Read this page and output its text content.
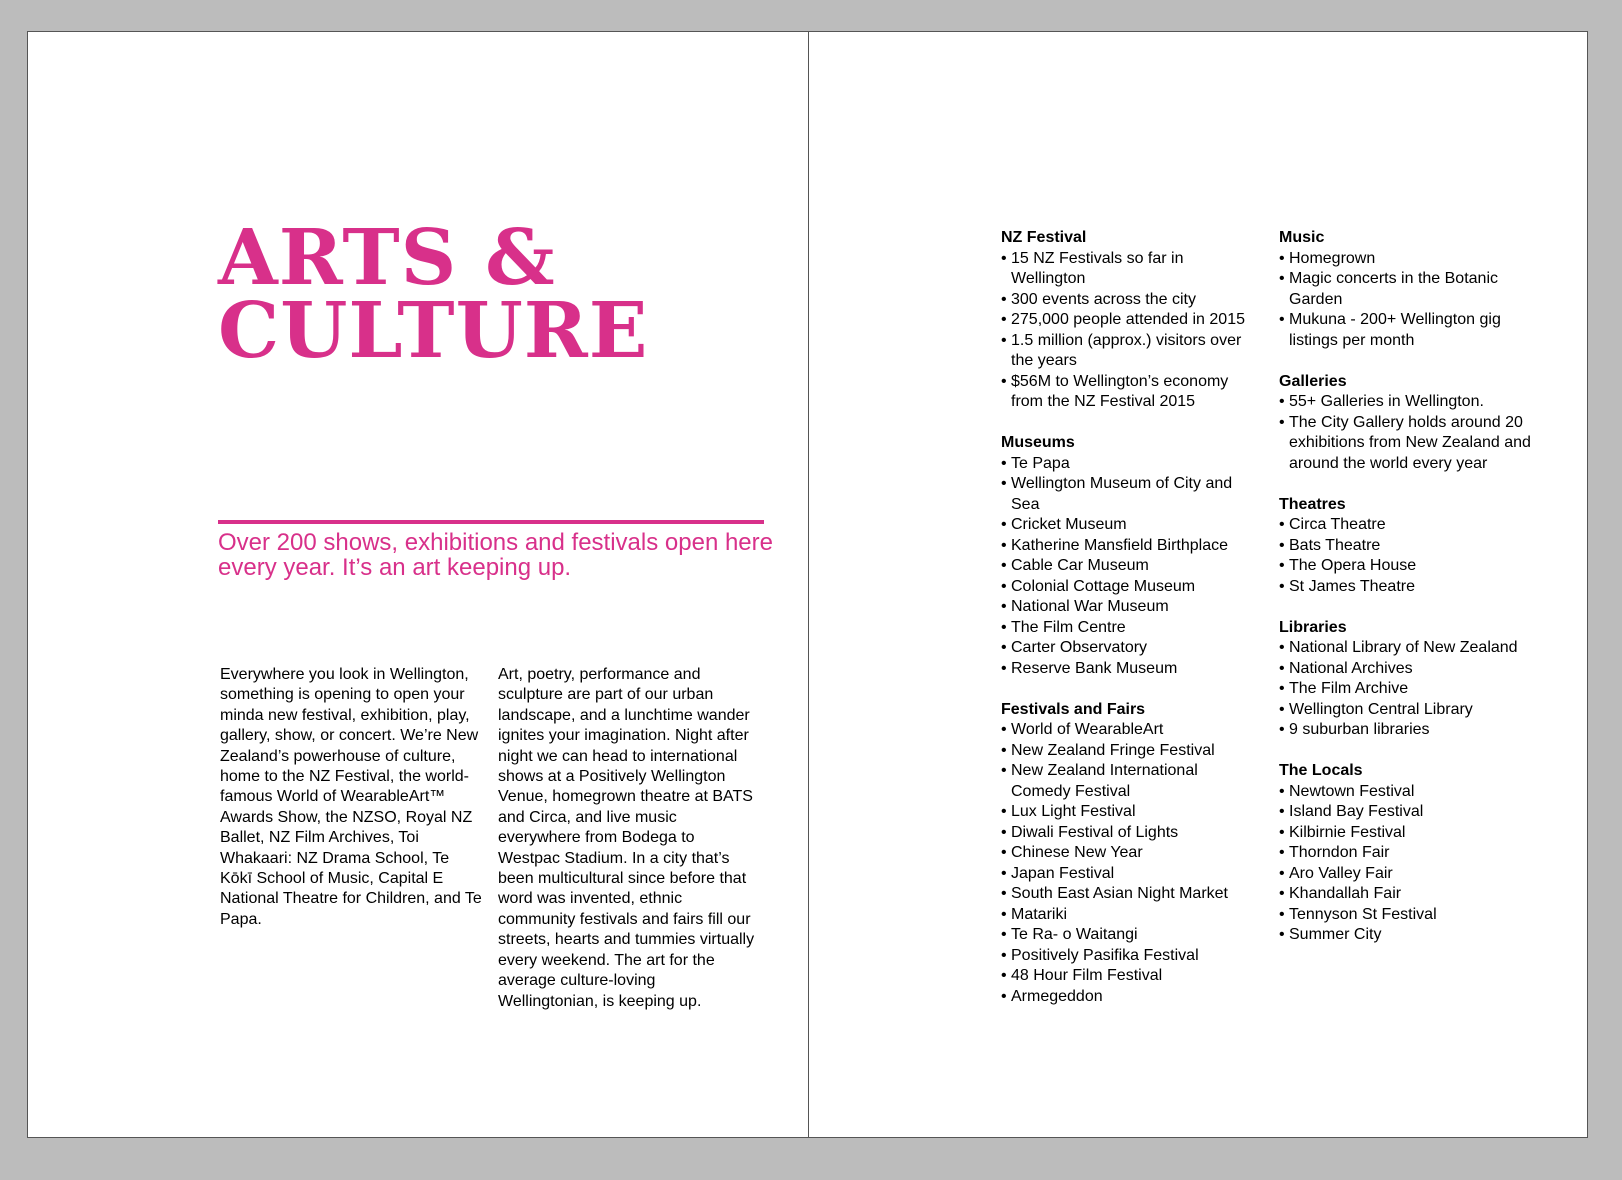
ARTS &
CULTURE

Over 200 shows, exhibitions and festivals open here every year. It’s an art keeping up.

Everywhere you look in Wellington, something is opening to open your minda new festival, exhibition, play, gallery, show, or concert. We’re New Zealand’s powerhouse of culture, home to the NZ Festival, the world-famous World of WearableArt™ Awards Show, the NZSO, Royal NZ Ballet, NZ Film Archives, Toi Whakaari: NZ Drama School, Te Kōkī School of Music, Capital E National Theatre for Children, and Te Papa.

Art, poetry, performance and sculpture are part of our urban landscape, and a lunchtime wander ignites your imagination. Night after night we can head to international shows at a Positively Wellington Venue, homegrown theatre at BATS and Circa, and live music everywhere from Bodega to Westpac Stadium. In a city that’s been multicultural since before that word was invented, ethnic community festivals and fairs fill our streets, hearts and tummies virtually every weekend. The art for the average culture-loving Wellingtonian, is keeping up.

NZ Festival
• 15 NZ Festivals so far in Wellington
• 300 events across the city
• 275,000 people attended in 2015
• 1.5 million (approx.) visitors over the years
• $56M to Wellington’s economy from the NZ Festival 2015
Museums
• Te Papa
• Wellington Museum of City and Sea
• Cricket Museum
• Katherine Mansfield Birthplace
• Cable Car Museum
• Colonial Cottage Museum
• National War Museum
• The Film Centre
• Carter Observatory
• Reserve Bank Museum
Festivals and Fairs
• World of WearableArt
• New Zealand Fringe Festival
• New Zealand International Comedy Festival
• Lux Light Festival
• Diwali Festival of Lights
• Chinese New Year
• Japan Festival
• South East Asian Night Market
• Matariki
• Te Ra- o Waitangi
• Positively Pasifika Festival
• 48 Hour Film Festival
• Armegeddon
Music
• Homegrown
• Magic concerts in the Botanic Garden
• Mukuna - 200+ Wellington gig listings per month
Galleries
• 55+ Galleries in Wellington.
• The City Gallery holds around 20 exhibitions from New Zealand and around the world every year
Theatres
• Circa Theatre
• Bats Theatre
• The Opera House
• St James Theatre
Libraries
• National Library of New Zealand
• National Archives
• The Film Archive
• Wellington Central Library
• 9 suburban libraries
The Locals
• Newtown Festival
• Island Bay Festival
• Kilbirnie Festival
• Thorndon Fair
• Aro Valley Fair
• Khandallah Fair
• Tennyson St Festival
• Summer City
